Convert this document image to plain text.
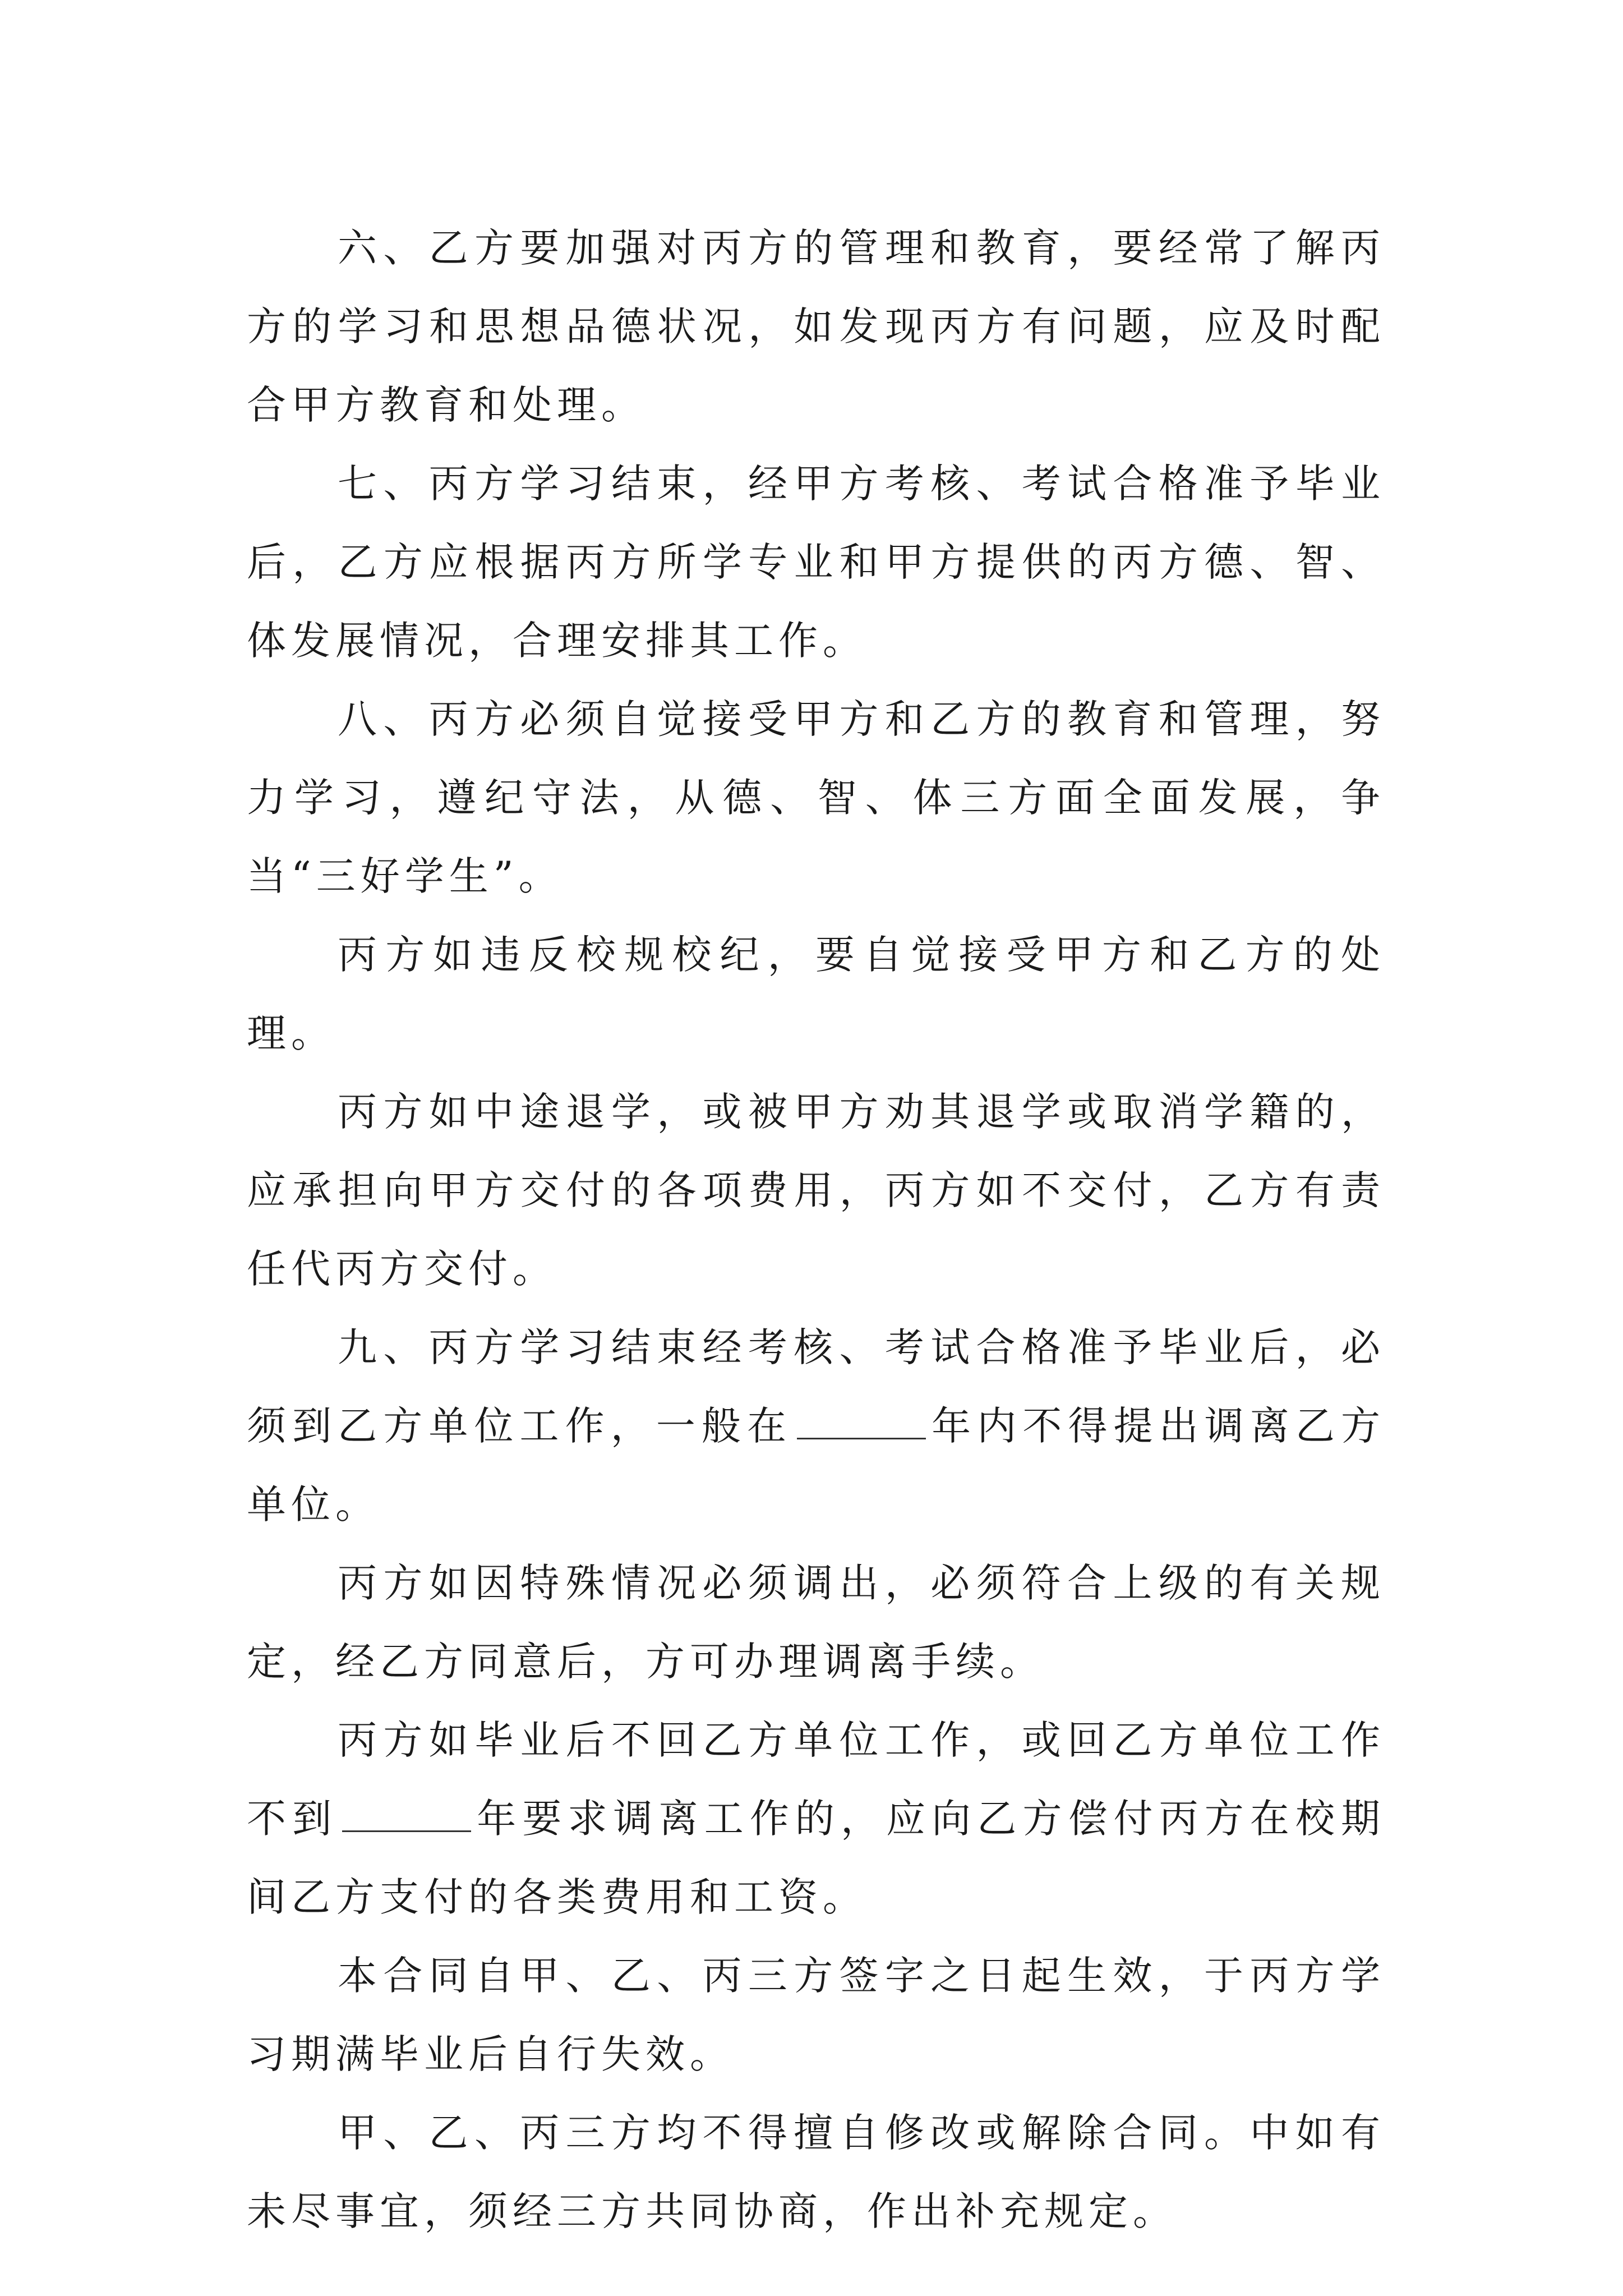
六、乙方要加强对丙方的管理和教育，要经常了解丙方的学习和思想品德状况，如发现丙方有问题，应及时配合甲方教育和处理。

七、丙方学习结束，经甲方考核、考试合格准予毕业后，乙方应根据丙方所学专业和甲方提供的丙方德、智、体发展情况，合理安排其工作。

八、丙方必须自觉接受甲方和乙方的教育和管理，努力学习，遵纪守法，从德、智、体三方面全面发展，争当“三好学生”。

丙方如违反校规校纪，要自觉接受甲方和乙方的处理。

丙方如中途退学，或被甲方劝其退学或取消学籍的，应承担向甲方交付的各项费用，丙方如不交付，乙方有责任代丙方交付。

九、丙方学习结束经考核、考试合格准予毕业后，必须到乙方单位工作，一般在	年内不得提出调离乙方单位。

丙方如因特殊情况必须调出，必须符合上级的有关规定，经乙方同意后，方可办理调离手续。

丙方如毕业后不回乙方单位工作，或回乙方单位工作不到	年要求调离工作的，应向乙方偿付丙方在校期间乙方支付的各类费用和工资。

本合同自甲、乙、丙三方签字之日起生效，于丙方学习期满毕业后自行失效。

甲、乙、丙三方均不得擅自修改或解除合同。中如有未尽事宜，须经三方共同协商，作出补充规定。
